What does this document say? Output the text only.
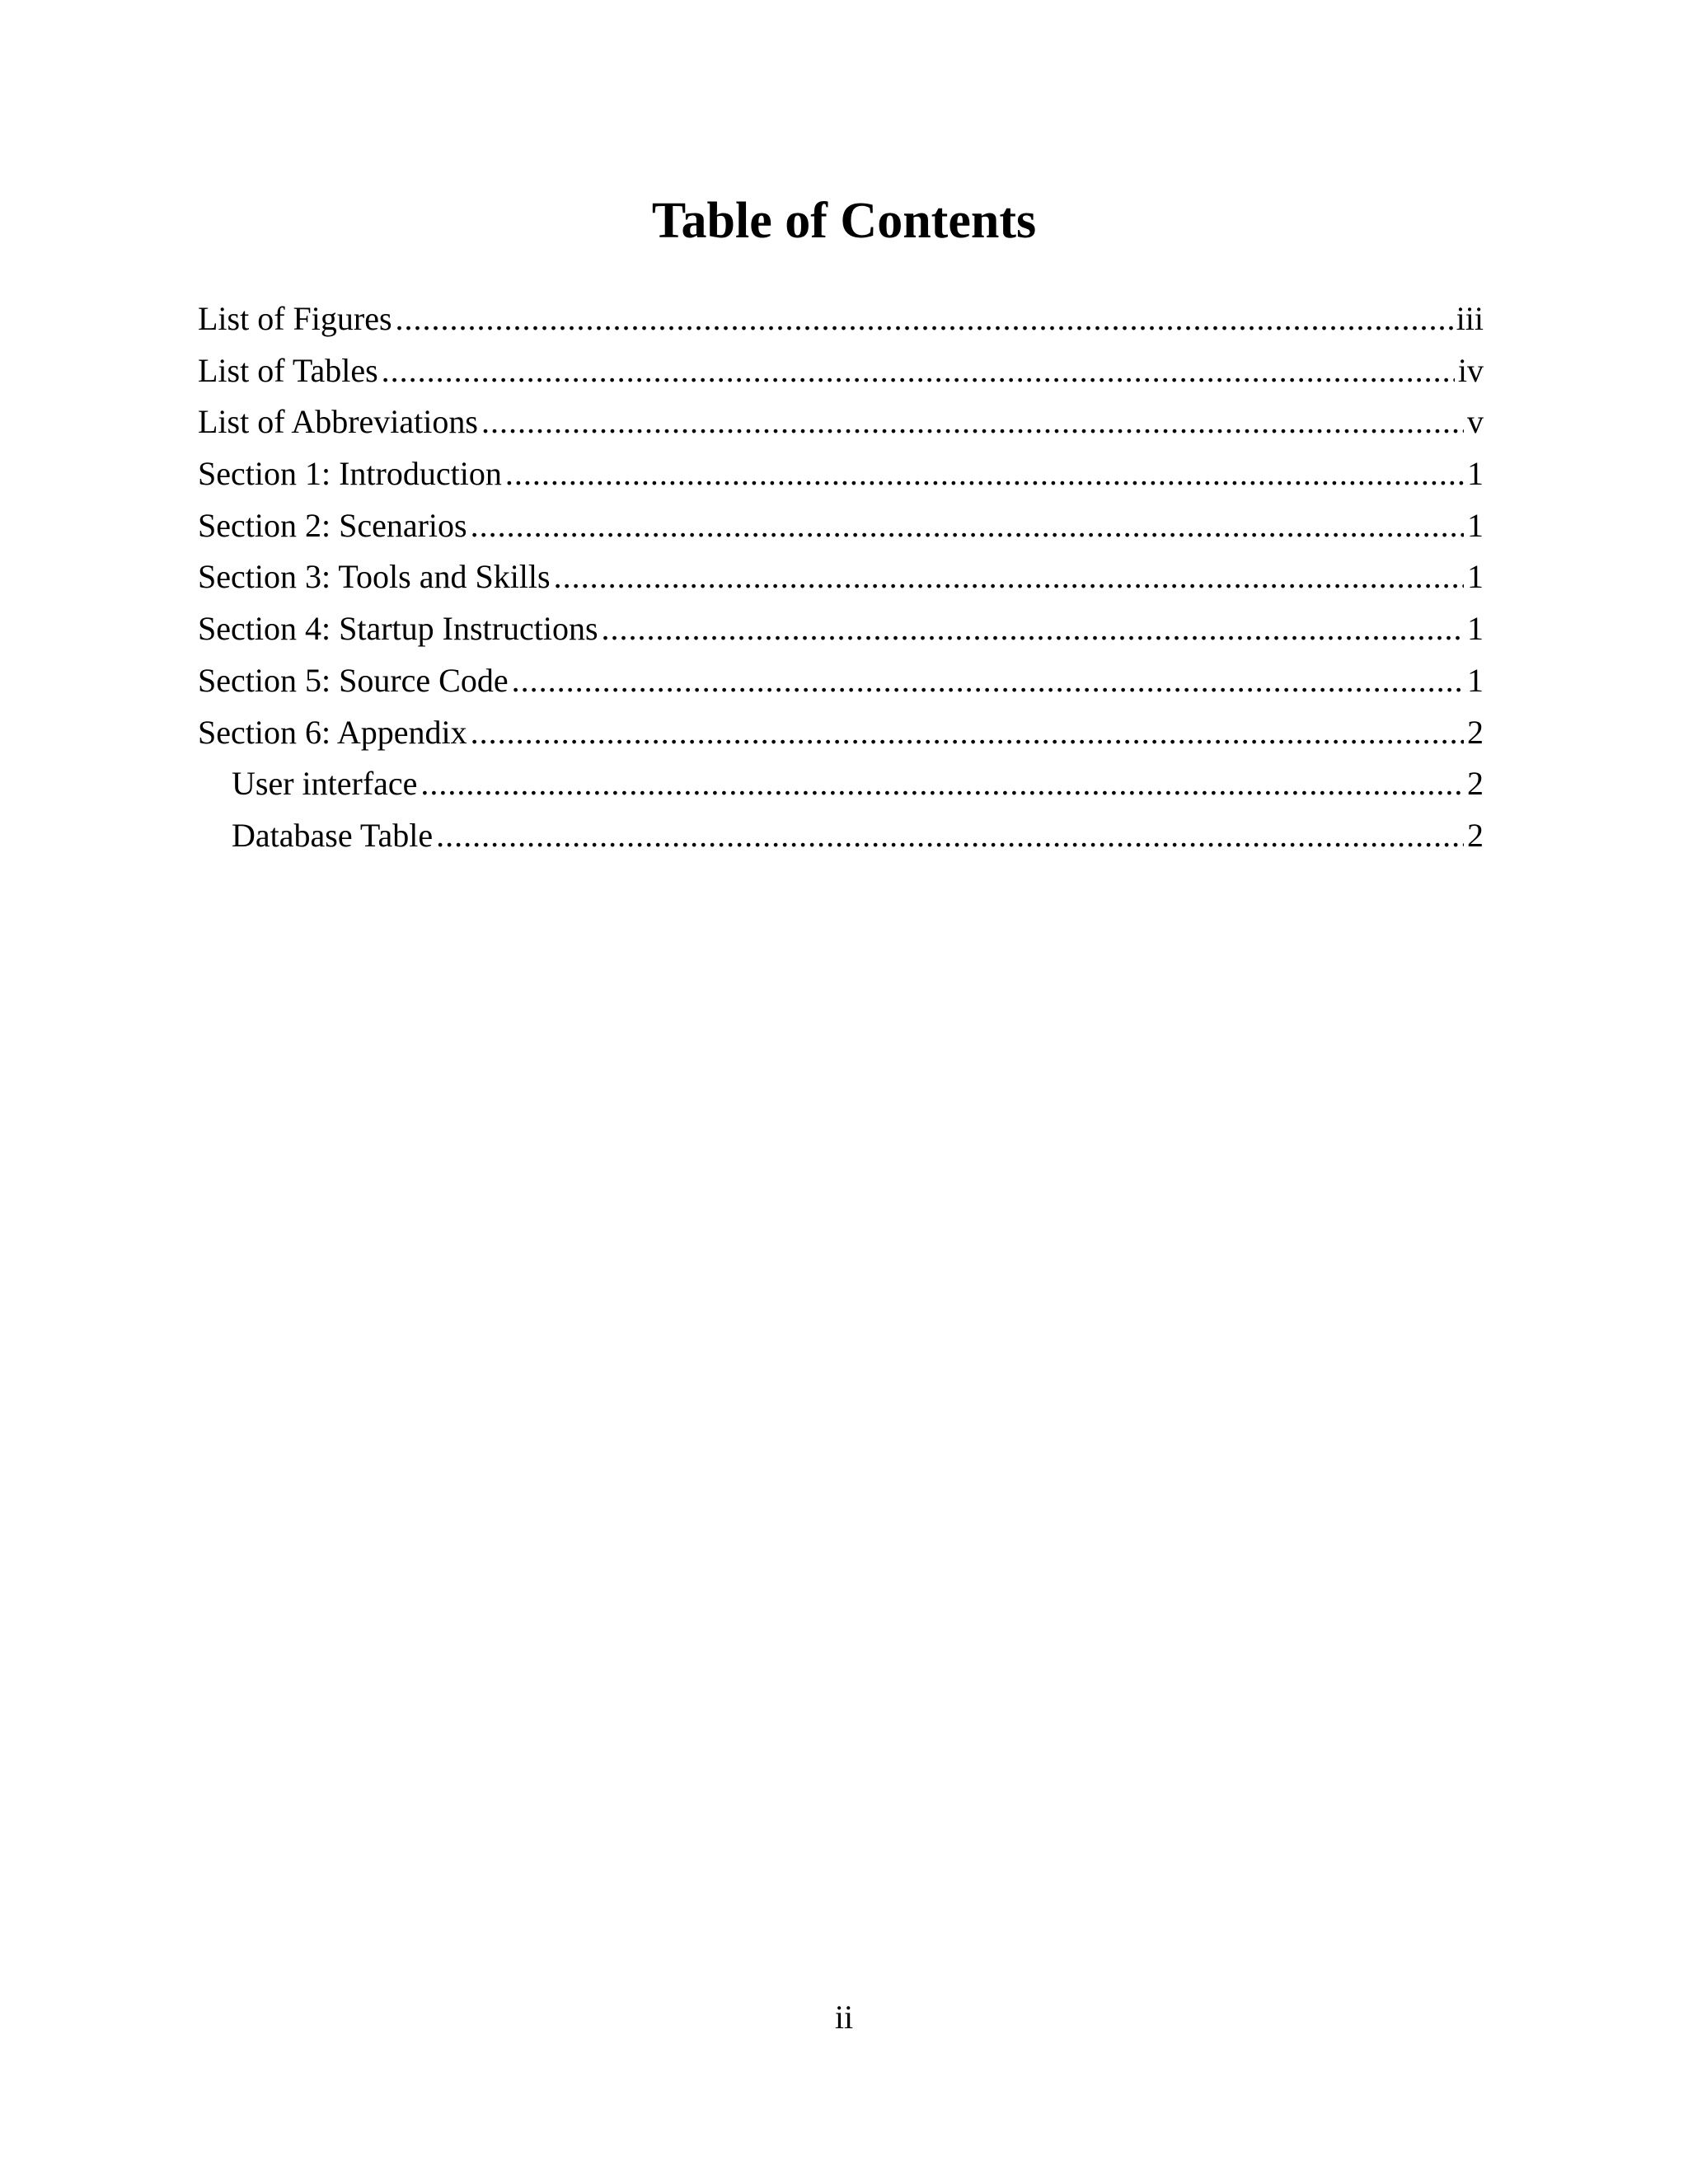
Table of Contents
List of Figures .....	iii
List of Tables .....	iv
List of Abbreviations .....	v
Section 1: Introduction .....	1
Section 2: Scenarios .....	1
Section 3: Tools and Skills .....	1
Section 4: Startup Instructions .....	1
Section 5: Source Code .....	1
Section 6: Appendix .....	2
User interface .....	2
Database Table .....	2
ii
